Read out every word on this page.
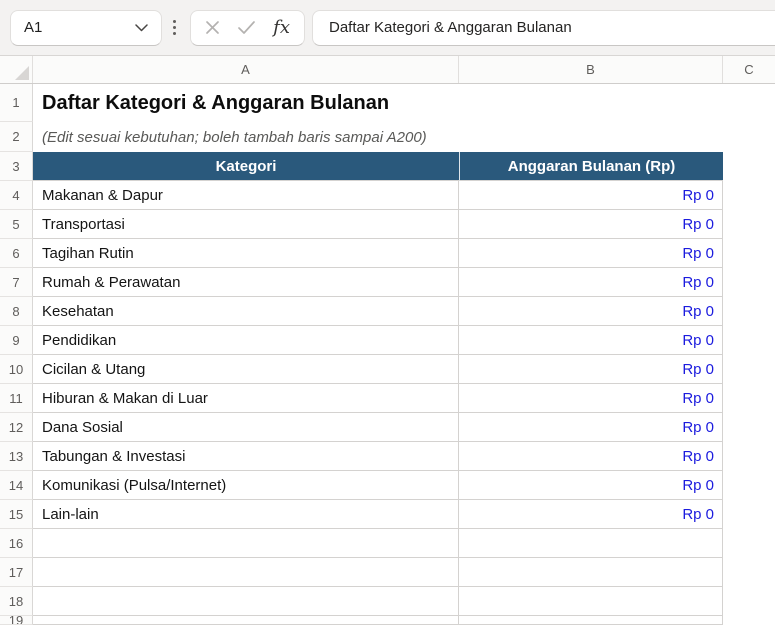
A1	fx	Daftar Kategori & Anggaran Bulanan
A	B	C
1	Daftar Kategori & Anggaran Bulanan
2	(Edit sesuai kebutuhan; boleh tambah baris sampai A200)
3	Kategori	Anggaran Bulanan (Rp)
4	Makanan & Dapur	Rp 0
5	Transportasi	Rp 0
6	Tagihan Rutin	Rp 0
7	Rumah & Perawatan	Rp 0
8	Kesehatan	Rp 0
9	Pendidikan	Rp 0
10	Cicilan & Utang	Rp 0
11	Hiburan & Makan di Luar	Rp 0
12	Dana Sosial	Rp 0
13	Tabungan & Investasi	Rp 0
14	Komunikasi (Pulsa/Internet)	Rp 0
15	Lain-lain	Rp 0
16
17
18
19
